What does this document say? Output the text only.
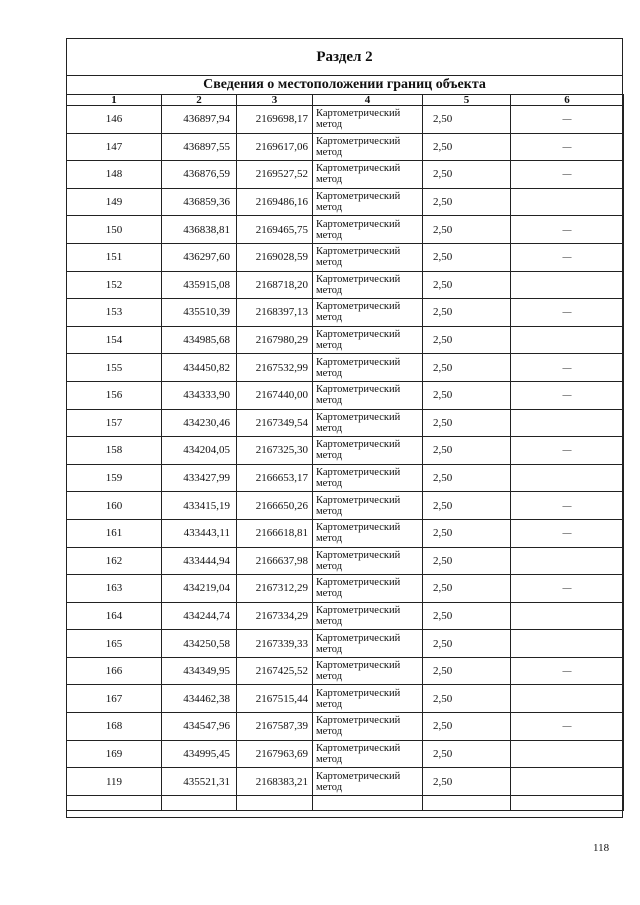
Раздел 2
Сведения о местоположении границ объекта
1	2	3	4	5	6
146	436897,94	2169698,17	Картометрический метод	2,50	—
147	436897,55	2169617,06	Картометрический метод	2,50	—
148	436876,59	2169527,52	Картометрический метод	2,50	—
149	436859,36	2169486,16	Картометрический метод	2,50	
150	436838,81	2169465,75	Картометрический метод	2,50	—
151	436297,60	2169028,59	Картометрический метод	2,50	—
152	435915,08	2168718,20	Картометрический метод	2,50	
153	435510,39	2168397,13	Картометрический метод	2,50	—
154	434985,68	2167980,29	Картометрический метод	2,50	
155	434450,82	2167532,99	Картометрический метод	2,50	—
156	434333,90	2167440,00	Картометрический метод	2,50	—
157	434230,46	2167349,54	Картометрический метод	2,50	
158	434204,05	2167325,30	Картометрический метод	2,50	—
159	433427,99	2166653,17	Картометрический метод	2,50	
160	433415,19	2166650,26	Картометрический метод	2,50	—
161	433443,11	2166618,81	Картометрический метод	2,50	—
162	433444,94	2166637,98	Картометрический метод	2,50	
163	434219,04	2167312,29	Картометрический метод	2,50	—
164	434244,74	2167334,29	Картометрический метод	2,50	
165	434250,58	2167339,33	Картометрический метод	2,50	
166	434349,95	2167425,52	Картометрический метод	2,50	—
167	434462,38	2167515,44	Картометрический метод	2,50	
168	434547,96	2167587,39	Картометрический метод	2,50	—
169	434995,45	2167963,69	Картометрический метод	2,50	
119	435521,31	2168383,21	Картометрический метод	2,50	

118
